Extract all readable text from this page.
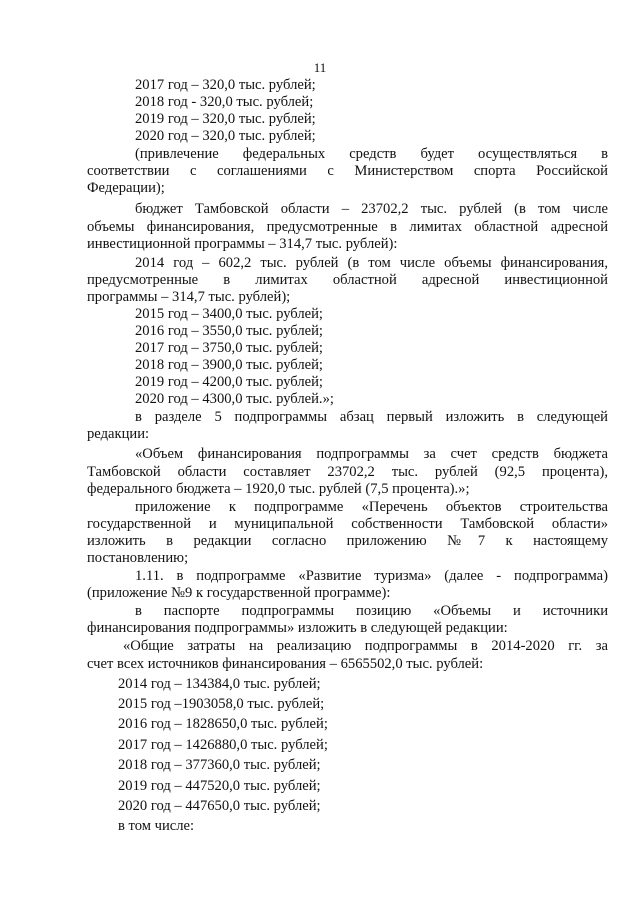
11
2017 год – 320,0 тыс. рублей;
2018 год - 320,0 тыс. рублей;
2019 год – 320,0 тыс. рублей;
2020 год – 320,0 тыс. рублей;
(привлечение федеральных средств будет осуществляться в
соответствии с соглашениями с Министерством спорта Российской
Федерации);
бюджет Тамбовской области – 23702,2 тыс. рублей (в том числе
объемы финансирования, предусмотренные в лимитах областной адресной
инвестиционной программы – 314,7 тыс. рублей):
2014 год – 602,2 тыс. рублей (в том числе объемы финансирования,
предусмотренные в лимитах областной адресной инвестиционной
программы – 314,7 тыс. рублей);
2015 год – 3400,0 тыс. рублей;
2016 год – 3550,0 тыс. рублей;
2017 год – 3750,0 тыс. рублей;
2018 год – 3900,0 тыс. рублей;
2019 год – 4200,0 тыс. рублей;
2020 год – 4300,0 тыс. рублей.»;
в разделе 5 подпрограммы абзац первый изложить в следующей
редакции:
«Объем финансирования подпрограммы за счет средств бюджета
Тамбовской области составляет 23702,2 тыс. рублей (92,5 процента),
федерального бюджета – 1920,0 тыс. рублей (7,5 процента).»;
приложение к подпрограмме «Перечень объектов строительства
государственной и муниципальной собственности Тамбовской области»
изложить в редакции согласно приложению №7 к настоящему
постановлению;
1.11. в подпрограмме «Развитие туризма» (далее - подпрограмма)
(приложение №9 к государственной программе):
в паспорте подпрограммы позицию «Объемы и источники
финансирования подпрограммы» изложить в следующей редакции:
«Общие затраты на реализацию подпрограммы в 2014-2020 гг. за
счет всех источников финансирования – 6565502,0 тыс. рублей:
2014 год – 134384,0 тыс. рублей;
2015 год –1903058,0 тыс. рублей;
2016 год – 1828650,0 тыс. рублей;
2017 год – 1426880,0 тыс. рублей;
2018 год – 377360,0 тыс. рублей;
2019 год – 447520,0 тыс. рублей;
2020 год – 447650,0 тыс. рублей;
в том числе:
